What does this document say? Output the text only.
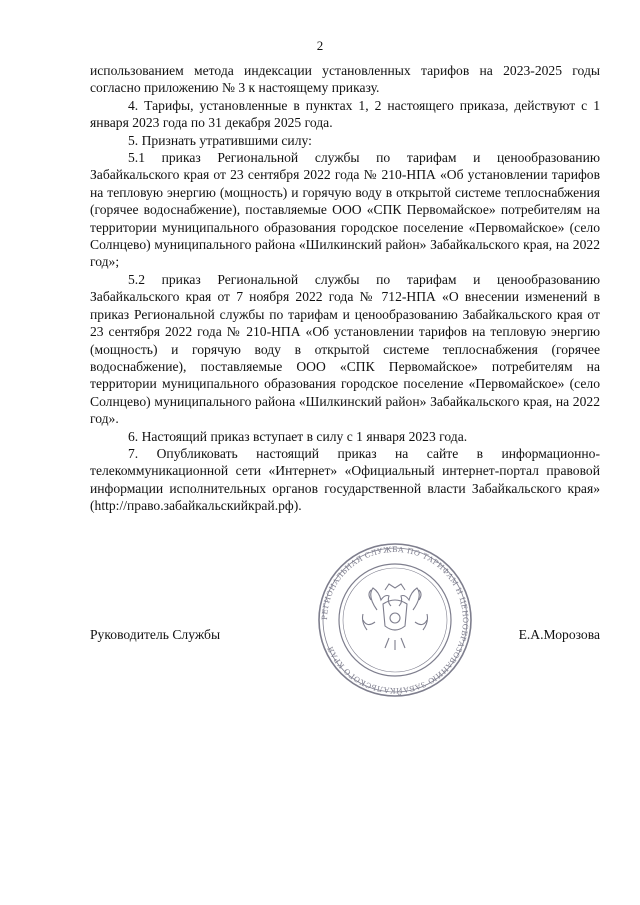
2

использованием метода индексации установленных тарифов на 2023-2025 годы согласно приложению № 3 к настоящему приказу.

4. Тарифы, установленные в пунктах 1, 2 настоящего приказа, действуют с 1 января 2023 года по 31 декабря 2025 года.

5. Признать утратившими силу:

5.1 приказ Региональной службы по тарифам и ценообразованию Забайкальского края от 23 сентября 2022 года № 210-НПА «Об установлении тарифов на тепловую энергию (мощность) и горячую воду в открытой системе теплоснабжения (горячее водоснабжение), поставляемые ООО «СПК Первомайское» потребителям на территории муниципального образования городское поселение «Первомайское» (село Солнцево) муниципального района «Шилкинский район» Забайкальского края, на 2022 год»;

5.2 приказ Региональной службы по тарифам и ценообразованию Забайкальского края от 7 ноября 2022 года № 712-НПА «О внесении изменений в приказ Региональной службы по тарифам и ценообразованию Забайкальского края от 23 сентября 2022 года № 210-НПА «Об установлении тарифов на тепловую энергию (мощность) и горячую воду в открытой системе теплоснабжения (горячее водоснабжение), поставляемые ООО «СПК Первомайское» потребителям на территории муниципального образования городское поселение «Первомайское» (село Солнцево) муниципального района «Шилкинский район» Забайкальского края, на 2022 год».

6. Настоящий приказ вступает в силу с 1 января 2023 года.

7. Опубликовать настоящий приказ на сайте в информационно-телекоммуникационной сети «Интернет» «Официальный интернет-портал правовой информации исполнительных органов государственной власти Забайкальского края» (http://право.забайкальскийкрай.рф).

РЕГИОНАЛЬНАЯ СЛУЖБА ПО ТАРИФАМ И ЦЕНООБРАЗОВАНИЮ ЗАБАЙКАЛЬСКОГО КРАЯ
Руководитель Службы	Е.А.Морозова
